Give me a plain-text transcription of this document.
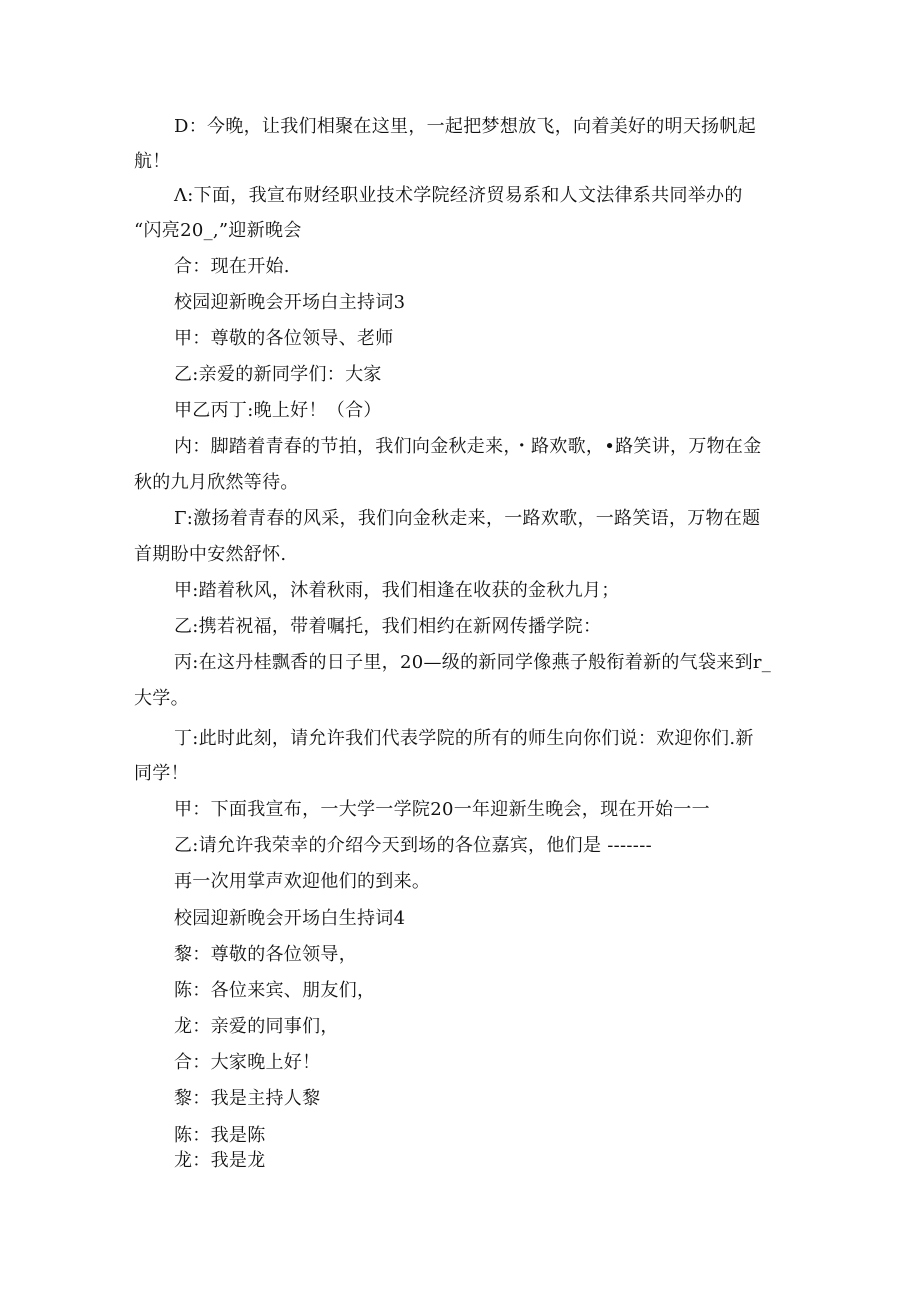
D：今晚，让我们相聚在这里，一起把梦想放飞，向着美好的明天扬帆起
航！
Λ:下面，我宣布财经职业技术学院经济贸易系和人文法律系共同举办的
“闪亮20_,”迎新晚会
合：现在开始.
校园迎新晚会开场白主持词3
甲：尊敬的各位领导、老师
乙:亲爱的新同学们：大家
甲乙丙丁:晚上好！（合）
内：脚踏着青春的节拍，我们向金秋走来，・路欢歌，•路笑讲，万物在金
秋的九月欣然等待。
Γ:激扬着青春的风采，我们向金秋走来，一路欢歌，一路笑语，万物在题
首期盼中安然舒怀.
甲:踏着秋风，沐着秋雨，我们相逢在收获的金秋九月；
乙:携若祝福，带着嘱托，我们相约在新网传播学院：
丙:在这丹桂飘香的日子里，20—级的新同学像燕子般衔着新的气袋来到r_
大学。
丁:此时此刻，请允许我们代表学院的所有的师生向你们说：欢迎你们.新
同学！
甲：下面我宣布，一大学一学院20一年迎新生晚会，现在开始一一
乙:请允许我荣幸的介绍今天到场的各位嘉宾，他们是 -------
再一次用掌声欢迎他们的到来。
校园迎新晚会开场白生持词4
黎：尊敬的各位领导，
陈：各位来宾、朋友们，
龙：亲爱的同事们，
合：大家晚上好！
黎：我是主持人黎
陈：我是陈
龙：我是龙
